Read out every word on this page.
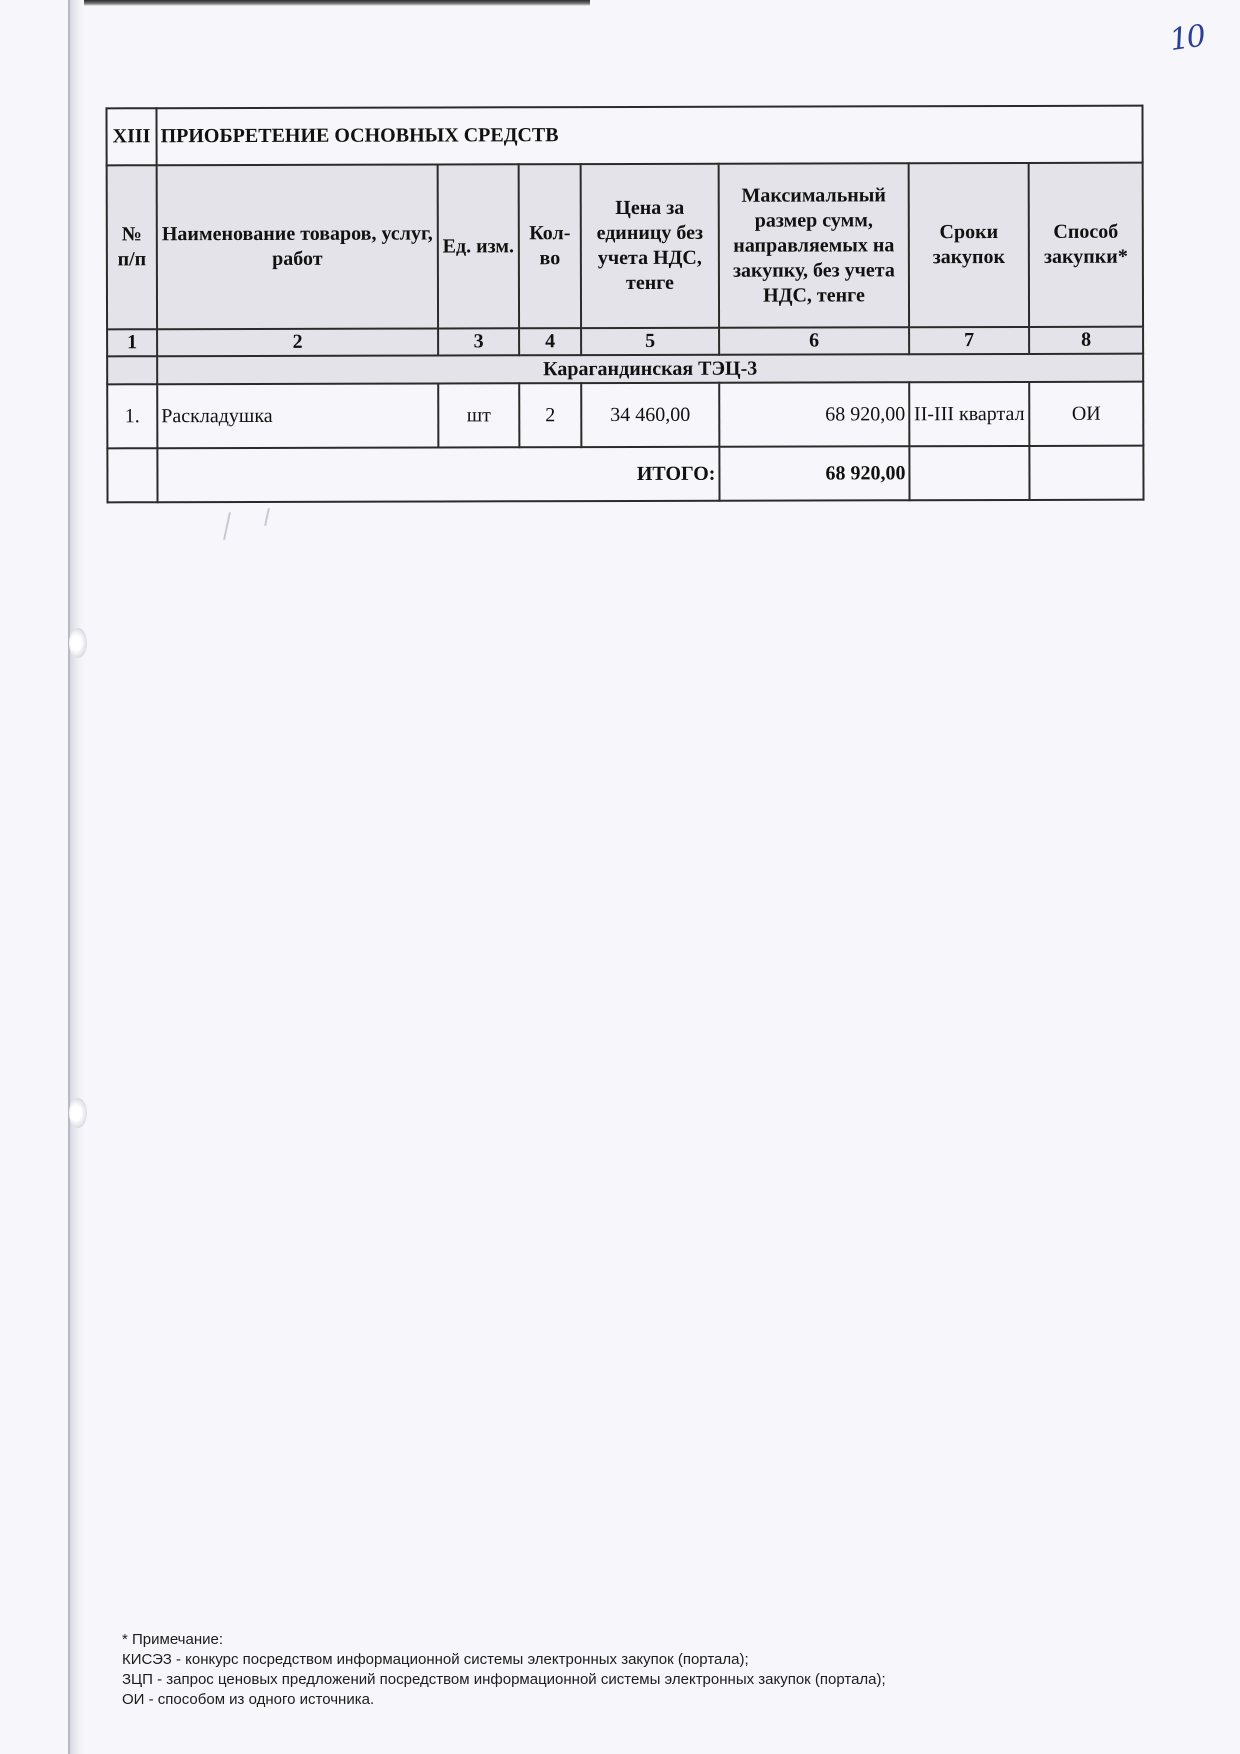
10
XIII	ПРИОБРЕТЕНИЕ ОСНОВНЫХ СРЕДСТВ						
№ п/п	Наименование товаров, услуг, работ	Ед. изм.	Кол-во	Цена за единицу без учета НДС, тенге	Максимальный размер сумм, направляемых на закупку, без учета НДС, тенге	Сроки закупок	Способ закупки*
1	2	3	4	5	6	7	8
	Карагандинская ТЭЦ-3						
1.	Раскладушка	шт	2	34 460,00	68 920,00	II-III квартал	ОИ
	ИТОГО:				68 920,00		
* Примечание:
КИСЭЗ - конкурс посредством информационной системы электронных закупок (портала);
ЗЦП - запрос ценовых предложений посредством информационной системы электронных закупок (портала);
ОИ - способом из одного источника.
